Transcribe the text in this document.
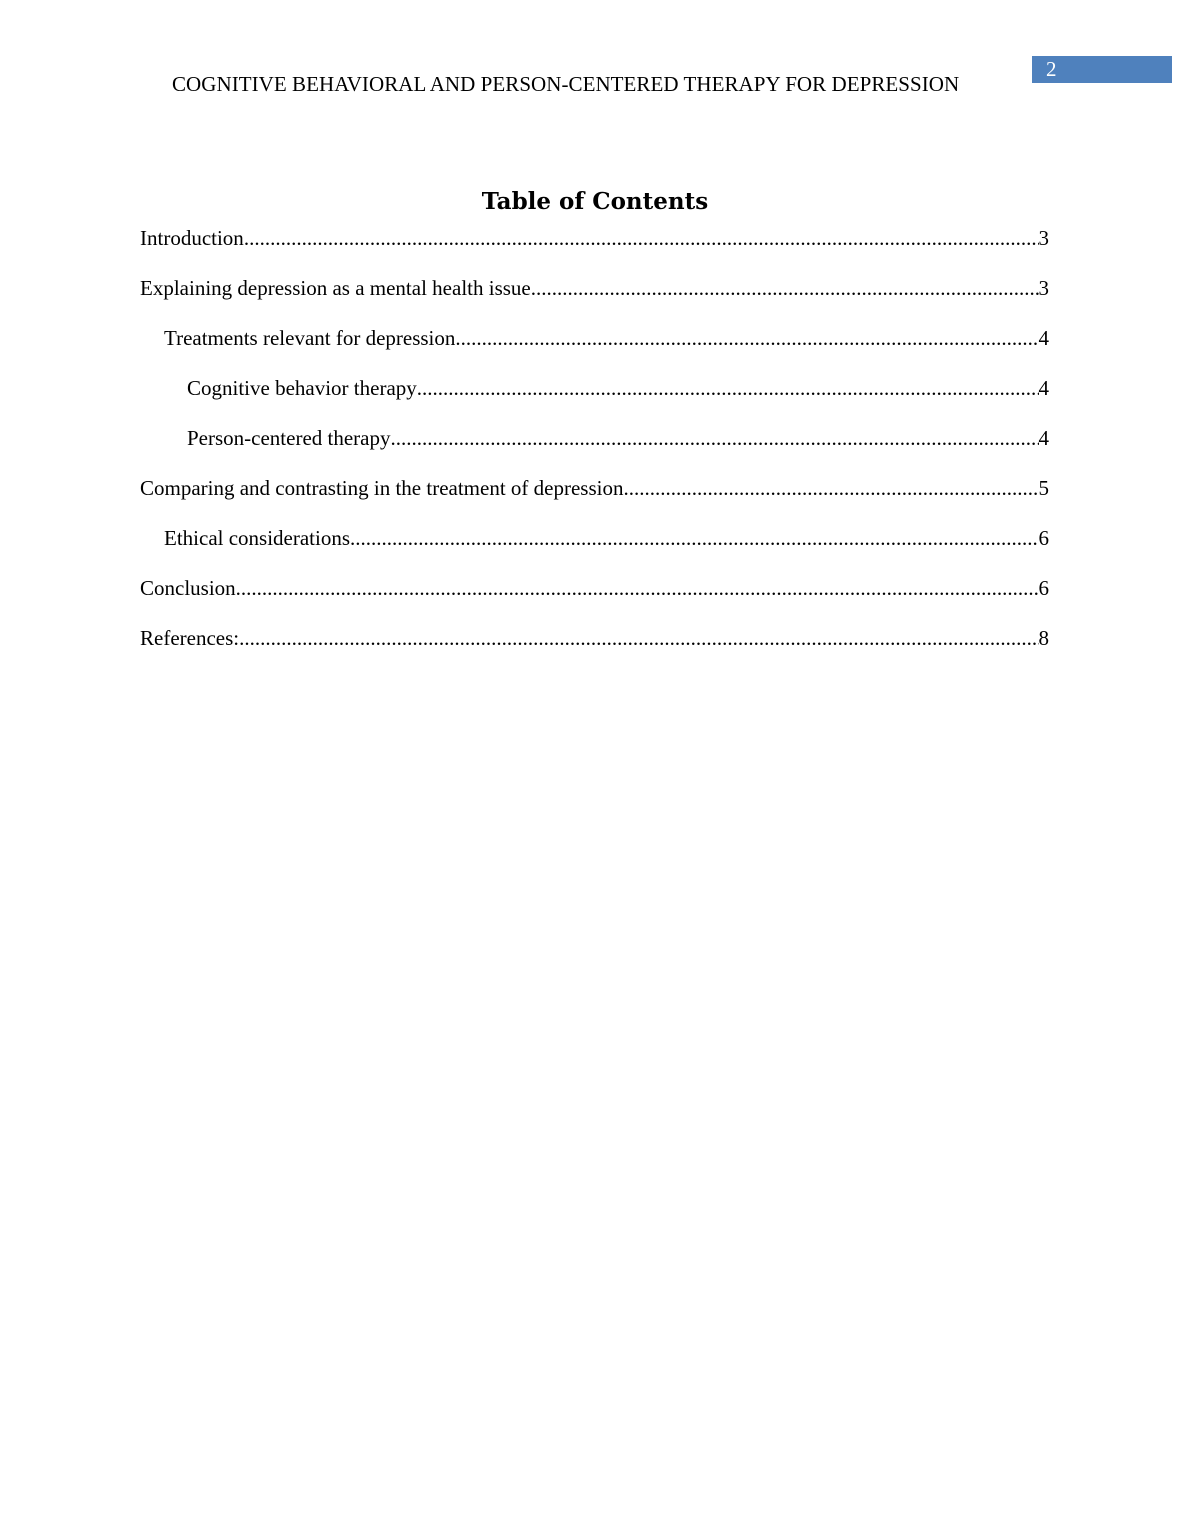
2
COGNITIVE BEHAVIORAL AND PERSON-CENTERED THERAPY FOR DEPRESSION
Table of Contents
Introduction .....	3
Explaining depression as a mental health issue .....	3
Treatments relevant for depression .....	4
Cognitive behavior therapy .....	4
Person-centered therapy .....	4
Comparing and contrasting in the treatment of depression .....	5
Ethical considerations .....	6
Conclusion .....	6
References: .....	8
